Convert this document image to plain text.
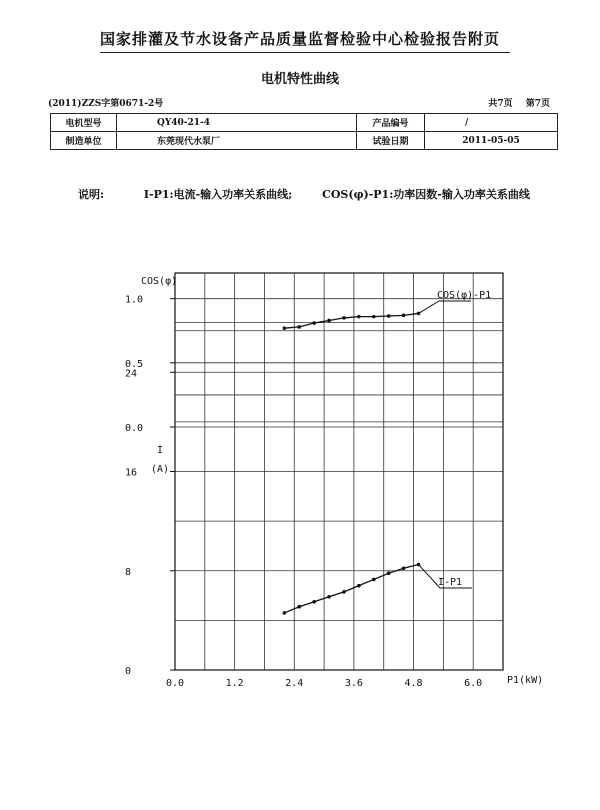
国家排灌及节水设备产品质量监督检验中心检验报告附页
电机特性曲线
(2011)ZZS字第0671-2号	共7页 第7页
电机型号	QY40-21-4	产品编号	/
制造单位	东莞现代水泵厂	试验日期	2011-05-05
说明:	I-P1:电流-输入功率关系曲线;	COS(φ)-P1:功率因数-输入功率关系曲线
0.0
0.5
1.0
0
8
16
24
0.0	1.2	2.4	3.6	4.8	6.0
COS(φ)
I
(A)
P1(kW)
COS(φ)-P1
I-P1
